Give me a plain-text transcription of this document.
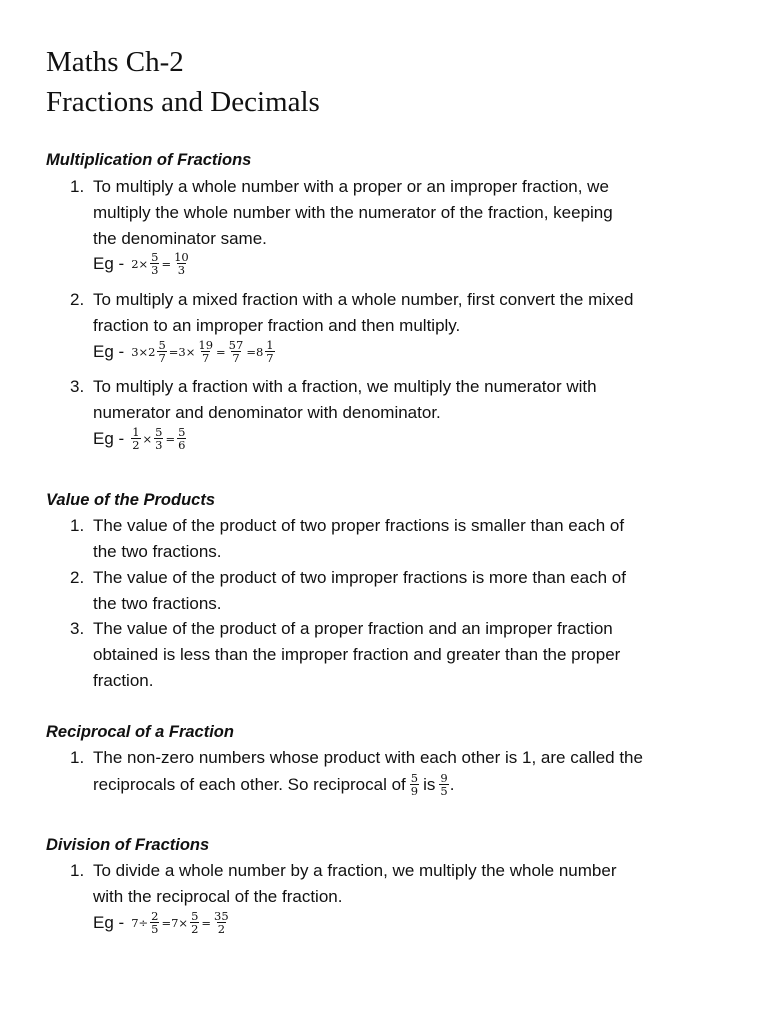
Maths Ch-2
Fractions and Decimals
Multiplication of Fractions
1. To multiply a whole number with a proper or an improper fraction, we
multiply the whole number with the numerator of the fraction, keeping
the denominator same.
$Eg - 2\times \frac{5}{3} = \frac{10}{3}$
2. To multiply a mixed fraction with a whole number, first convert the mixed
fraction to an improper fraction and then multiply.
$Eg - 3\times 2 \frac{5}{7} =3\times \frac{19}{7} = \frac{57}{7} =8 \frac{1}{7}$
3. To multiply a fraction with a fraction, we multiply the numerator with
numerator and denominator with denominator.
$Eg - \frac{1}{2} \times \frac{5}{3} = \frac{5}{6}$
Value of the Products
1. The value of the product of two proper fractions is smaller than each of
the two fractions.
2. The value of the product of two improper fractions is more than each of
the two fractions.
3. The value of the product of a proper fraction and an improper fraction
obtained is less than the improper fraction and greater than the proper
fraction.
Reciprocal of a Fraction
1. The non-zero numbers whose product with each other is 1, are called the
reciprocals of each other. So reciprocal of $\frac{5}{9}$ is $\frac{9}{5}$ .
Division of Fractions
1. To divide a whole number by a fraction, we multiply the whole number
with the reciprocal of the fraction.
$Eg - 7\div \frac{2}{5} =7\times \frac{5}{2} = \frac{35}{2}$
